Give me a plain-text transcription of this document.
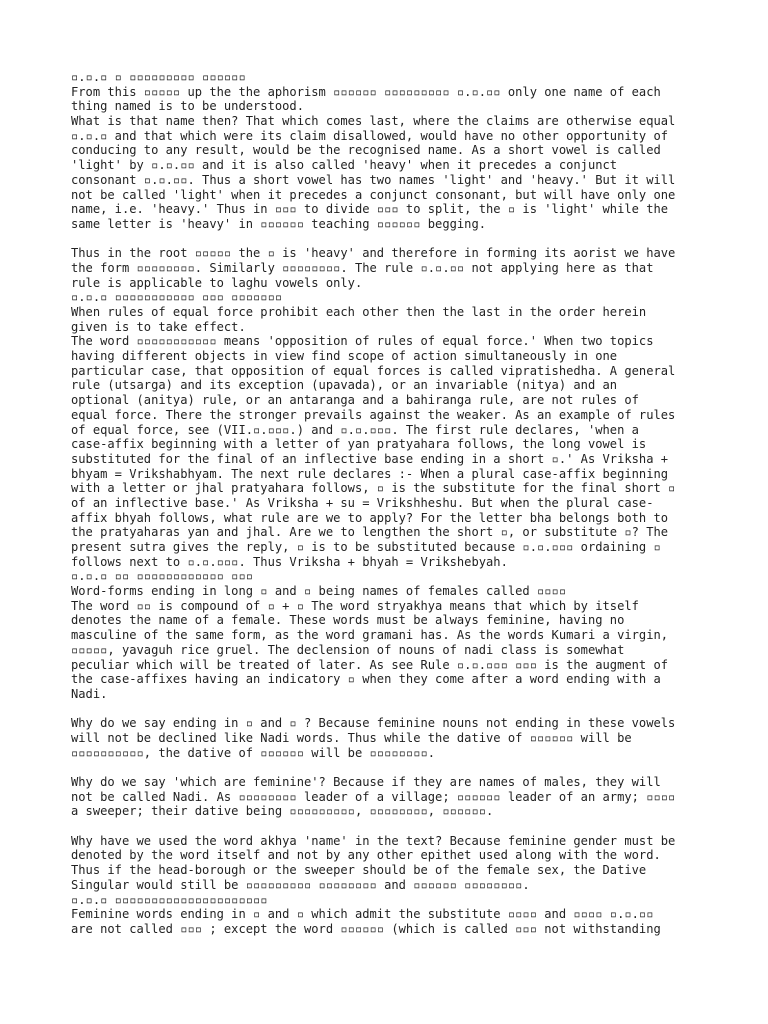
▫.▫.▫ ▫ ▫▫▫▫▫▫▫▫▫ ▫▫▫▫▫▫
From this ▫▫▫▫▫ up the the aphorism ▫▫▫▫▫▫ ▫▫▫▫▫▫▫▫▫ ▫.▫.▫▫ only one name of each
thing named is to be understood.
What is that name then? That which comes last, where the claims are otherwise equal
▫.▫.▫ and that which were its claim disallowed, would have no other opportunity of
conducing to any result, would be the recognised name. As a short vowel is called
'light' by ▫.▫.▫▫ and it is also called 'heavy' when it precedes a conjunct
consonant ▫.▫.▫▫. Thus a short vowel has two names 'light' and 'heavy.' But it will
not be called 'light' when it precedes a conjunct consonant, but will have only one
name, i.e. 'heavy.' Thus in ▫▫▫ to divide ▫▫▫ to split, the ▫ is 'light' while the
same letter is 'heavy' in ▫▫▫▫▫▫ teaching ▫▫▫▫▫▫ begging.
Thus in the root ▫▫▫▫▫ the ▫ is 'heavy' and therefore in forming its aorist we have
the form ▫▫▫▫▫▫▫▫. Similarly ▫▫▫▫▫▫▫▫. The rule ▫.▫.▫▫ not applying here as that
rule is applicable to laghu vowels only.
▫.▫.▫ ▫▫▫▫▫▫▫▫▫▫▫ ▫▫▫ ▫▫▫▫▫▫▫
When rules of equal force prohibit each other then the last in the order herein
given is to take effect.
The word ▫▫▫▫▫▫▫▫▫▫▫ means 'opposition of rules of equal force.' When two topics
having different objects in view find scope of action simultaneously in one
particular case, that opposition of equal forces is called vipratishedha. A general
rule (utsarga) and its exception (upavada), or an invariable (nitya) and an
optional (anitya) rule, or an antaranga and a bahiranga rule, are not rules of
equal force. There the stronger prevails against the weaker. As an example of rules
of equal force, see (VII.▫.▫▫▫.) and ▫.▫.▫▫▫. The first rule declares, 'when a
case-affix beginning with a letter of yan pratyahara follows, the long vowel is
substituted for the final of an inflective base ending in a short ▫.' As Vriksha +
bhyam = Vrikshabhyam. The next rule declares :- When a plural case-affix beginning
with a letter or jhal pratyahara follows, ▫ is the substitute for the final short ▫
of an inflective base.' As Vriksha + su = Vrikshheshu. But when the plural case-
affix bhyah follows, what rule are we to apply? For the letter bha belongs both to
the pratyaharas yan and jhal. Are we to lengthen the short ▫, or substitute ▫? The
present sutra gives the reply, ▫ is to be substituted because ▫.▫.▫▫▫ ordaining ▫
follows next to ▫.▫.▫▫▫. Thus Vriksha + bhyah = Vrikshebyah.
▫.▫.▫ ▫▫ ▫▫▫▫▫▫▫▫▫▫▫▫ ▫▫▫
Word-forms ending in long ▫ and ▫ being names of females called ▫▫▫▫
The word ▫▫ is compound of ▫ + ▫ The word stryakhya means that which by itself
denotes the name of a female. These words must be always feminine, having no
masculine of the same form, as the word gramani has. As the words Kumari a virgin,
▫▫▫▫▫, yavaguh rice gruel. The declension of nouns of nadi class is somewhat
peculiar which will be treated of later. As see Rule ▫.▫.▫▫▫ ▫▫▫ is the augment of
the case-affixes having an indicatory ▫ when they come after a word ending with a
Nadi.
Why do we say ending in ▫ and ▫ ? Because feminine nouns not ending in these vowels
will not be declined like Nadi words. Thus while the dative of ▫▫▫▫▫▫ will be
▫▫▫▫▫▫▫▫▫▫, the dative of ▫▫▫▫▫▫ will be ▫▫▫▫▫▫▫▫.
Why do we say 'which are feminine'? Because if they are names of males, they will
not be called Nadi. As ▫▫▫▫▫▫▫▫ leader of a village; ▫▫▫▫▫▫ leader of an army; ▫▫▫▫
a sweeper; their dative being ▫▫▫▫▫▫▫▫▫, ▫▫▫▫▫▫▫▫, ▫▫▫▫▫▫.
Why have we used the word akhya 'name' in the text? Because feminine gender must be
denoted by the word itself and not by any other epithet used along with the word.
Thus if the head-borough or the sweeper should be of the female sex, the Dative
Singular would still be ▫▫▫▫▫▫▫▫▫ ▫▫▫▫▫▫▫▫ and ▫▫▫▫▫▫ ▫▫▫▫▫▫▫▫.
▫.▫.▫ ▫▫▫▫▫▫▫▫▫▫▫▫▫▫▫▫▫▫▫▫▫
Feminine words ending in ▫ and ▫ which admit the substitute ▫▫▫▫ and ▫▫▫▫ ▫.▫.▫▫
are not called ▫▫▫ ; except the word ▫▫▫▫▫▫ (which is called ▫▫▫ not withstanding
